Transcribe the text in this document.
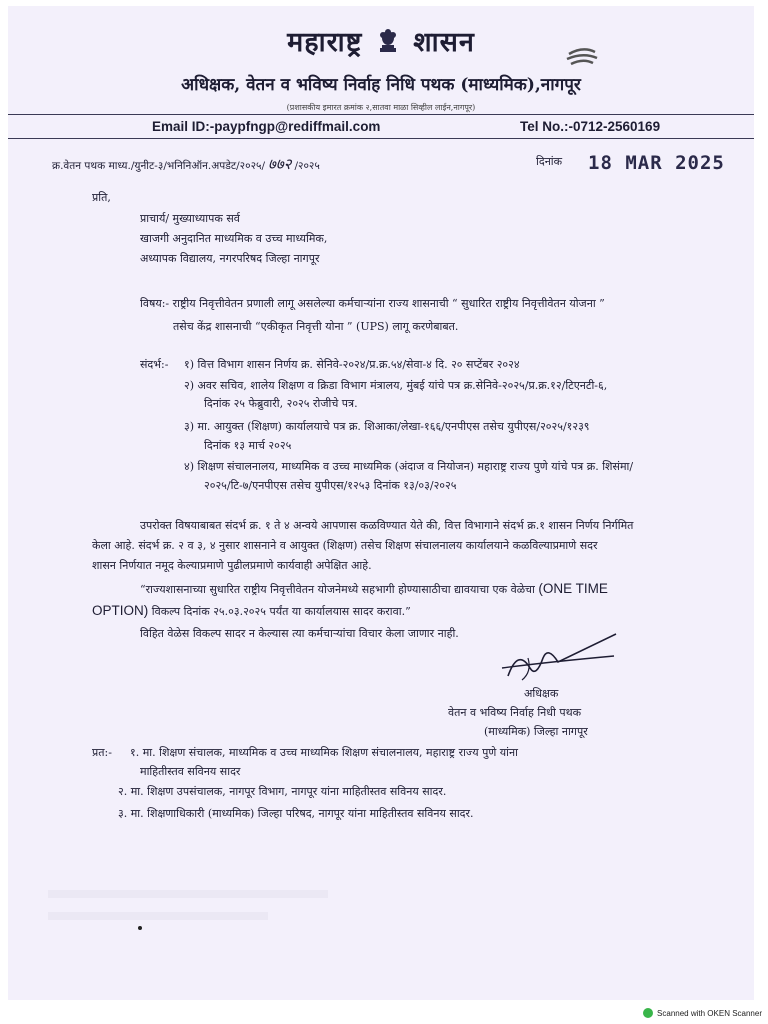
महाराष्ट्र शासन
अधिक्षक, वेतन व भविष्य निर्वाह निधि पथक (माध्यमिक),नागपूर
(प्रशासकीय इमारत क्रमांक २,सातवा माळा सिव्हील लाईन,नागपूर)
Email ID:-paypfngp@rediffmail.com	Tel No.:-0712-2560169
क्र.वेतन पथक माध्य./युनीट-३/भनिनिऑन.अपडेट/२०२५/ ७७२ /२०२५	दिनांक 18 MAR 2025
प्रति,
प्राचार्य/ मुख्याध्यापक सर्व
खाजगी अनुदानित माध्यमिक व उच्च माध्यमिक,
अध्यापक विद्यालय, नगरपरिषद जिल्हा नागपूर
विषय:- राष्ट्रीय निवृत्तीवेतन प्रणाली लागू असलेल्या कर्मचाऱ्यांना राज्य शासनाची “ सुधारित राष्ट्रीय निवृत्तीवेतन योजना ”
तसेच केंद्र शासनाची “एकीकृत निवृत्ती योना ” (UPS) लागू करणेबाबत.
संदर्भ:- १) वित्त विभाग शासन निर्णय क्र. सेनिवे-२०२४/प्र.क्र.५४/सेवा-४ दि. २० सप्टेंबर २०२४
२) अवर सचिव, शालेय शिक्षण व क्रिडा विभाग मंत्रालय, मुंबई यांचे पत्र क्र.सेनिवे-२०२५/प्र.क्र.१२/टिएनटी-६,
दिनांक २५ फेब्रुवारी, २०२५ रोजीचे पत्र.
३) मा. आयुक्त (शिक्षण) कार्यालयाचे पत्र क्र. शिआका/लेखा-१६६/एनपीएस तसेच युपीएस/२०२५/१२३९
दिनांक १३ मार्च २०२५
४) शिक्षण संचालनालय, माध्यमिक व उच्च माध्यमिक (अंदाज व नियोजन) महाराष्ट्र राज्य पुणे यांचे पत्र क्र. शिसंमा/
२०२५/टि-७/एनपीएस तसेच युपीएस/१२५३ दिनांक १३/०३/२०२५
उपरोक्त विषयाबाबत संदर्भ क्र. १ ते ४ अन्वये आपणास कळविण्यात येते की, वित्त विभागाने संदर्भ क्र.१ शासन निर्णय निर्गमित
केला आहे. संदर्भ क्र. २ व ३, ४ नुसार शासनाने व आयुक्त (शिक्षण) तसेच शिक्षण संचालनालय कार्यालयाने कळविल्याप्रमाणे सदर
शासन निर्णयात नमूद केल्याप्रमाणे पुढीलप्रमाणे कार्यवाही अपेक्षित आहे.
“राज्यशासनाच्या सुधारित राष्ट्रीय निवृत्तीवेतन योजनेमध्ये सहभागी होण्यासाठीचा द्यावयाचा एक वेळेचा (ONE TIME
OPTION) विकल्प दिनांक २५.०३.२०२५ पर्यंत या कार्यालयास सादर करावा.”
विहित वेळेस विकल्प सादर न केल्यास त्या कर्मचाऱ्यांचा विचार केला जाणार नाही.
अधिक्षक
वेतन व भविष्य निर्वाह निधी पथक
(माध्यमिक) जिल्हा नागपूर
प्रत:- १. मा. शिक्षण संचालक, माध्यमिक व उच्च माध्यमिक शिक्षण संचालनालय, महाराष्ट्र राज्य पुणे यांना
माहितीस्तव सविनय सादर
२. मा. शिक्षण उपसंचालक, नागपूर विभाग, नागपूर यांना माहितीस्तव सविनय सादर.
३. मा. शिक्षणाधिकारी (माध्यमिक) जिल्हा परिषद, नागपूर यांना माहितीस्तव सविनय सादर.
Scanned with OKEN Scanner
